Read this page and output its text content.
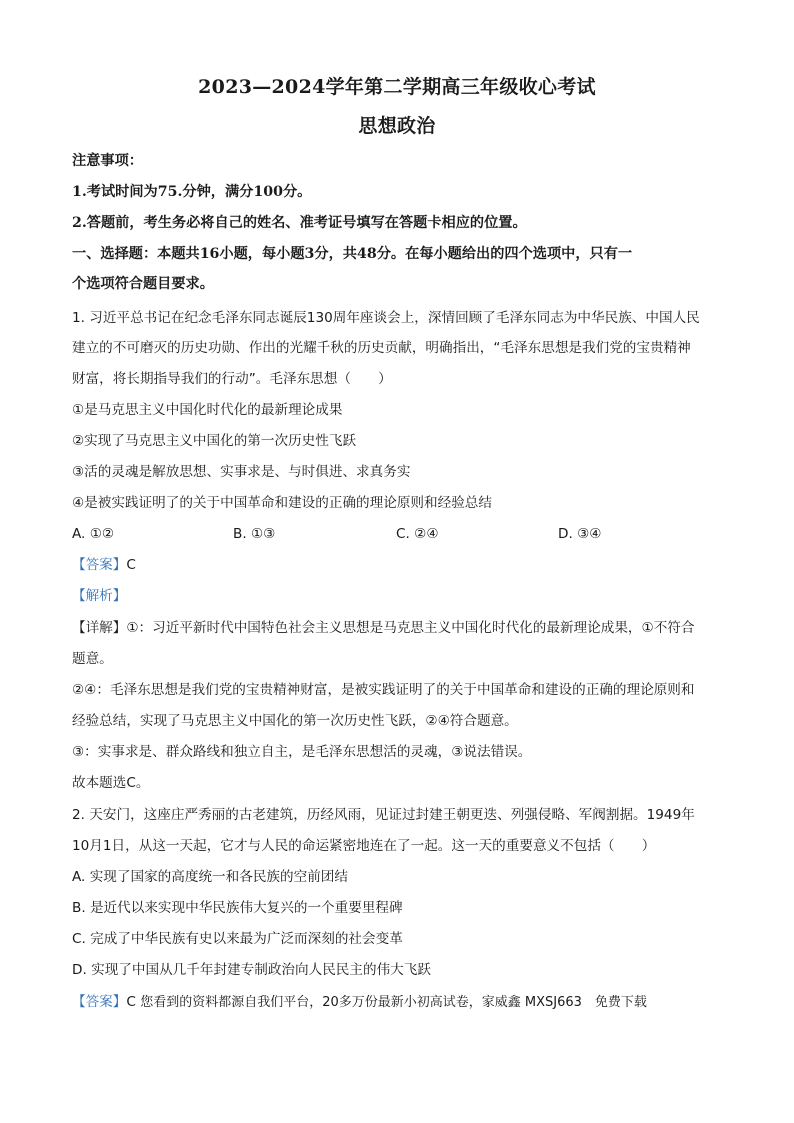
2023—2024学年第二学期高三年级收心考试
思想政治
注意事项：
1.考试时间为75.分钟，满分100分。
2.答题前，考生务必将自己的姓名、准考证号填写在答题卡相应的位置。
一、选择题：本题共16小题，每小题3分，共48分。在每小题给出的四个选项中，只有一
个选项符合题目要求。
1. 习近平总书记在纪念毛泽东同志诞辰130周年座谈会上，深情回顾了毛泽东同志为中华民族、中国人民
建立的不可磨灭的历史功勋、作出的光耀千秋的历史贡献，明确指出，“毛泽东思想是我们党的宝贵精神
财富，将长期指导我们的行动”。毛泽东思想（　　）
①是马克思主义中国化时代化的最新理论成果
②实现了马克思主义中国化的第一次历史性飞跃
③活的灵魂是解放思想、实事求是、与时俱进、求真务实
④是被实践证明了的关于中国革命和建设的正确的理论原则和经验总结
A. ①②	B. ①③	C. ②④	D. ③④
【答案】C
【解析】
【详解】①：习近平新时代中国特色社会主义思想是马克思主义中国化时代化的最新理论成果，①不符合
题意。
②④：毛泽东思想是我们党的宝贵精神财富，是被实践证明了的关于中国革命和建设的正确的理论原则和
经验总结，实现了马克思主义中国化的第一次历史性飞跃，②④符合题意。
③：实事求是、群众路线和独立自主，是毛泽东思想活的灵魂，③说法错误。
故本题选C。
2. 天安门，这座庄严秀丽的古老建筑，历经风雨，见证过封建王朝更迭、列强侵略、军阀割据。1949年
10月1日，从这一天起，它才与人民的命运紧密地连在了一起。这一天的重要意义不包括（　　）
A. 实现了国家的高度统一和各民族的空前团结
B. 是近代以来实现中华民族伟大复兴的一个重要里程碑
C. 完成了中华民族有史以来最为广泛而深刻的社会变革
D. 实现了中国从几千年封建专制政治向人民民主的伟大飞跃
【答案】C 您看到的资料都源自我们平台，20多万份最新小初高试卷，家威鑫 MXSJ663　免费下载
